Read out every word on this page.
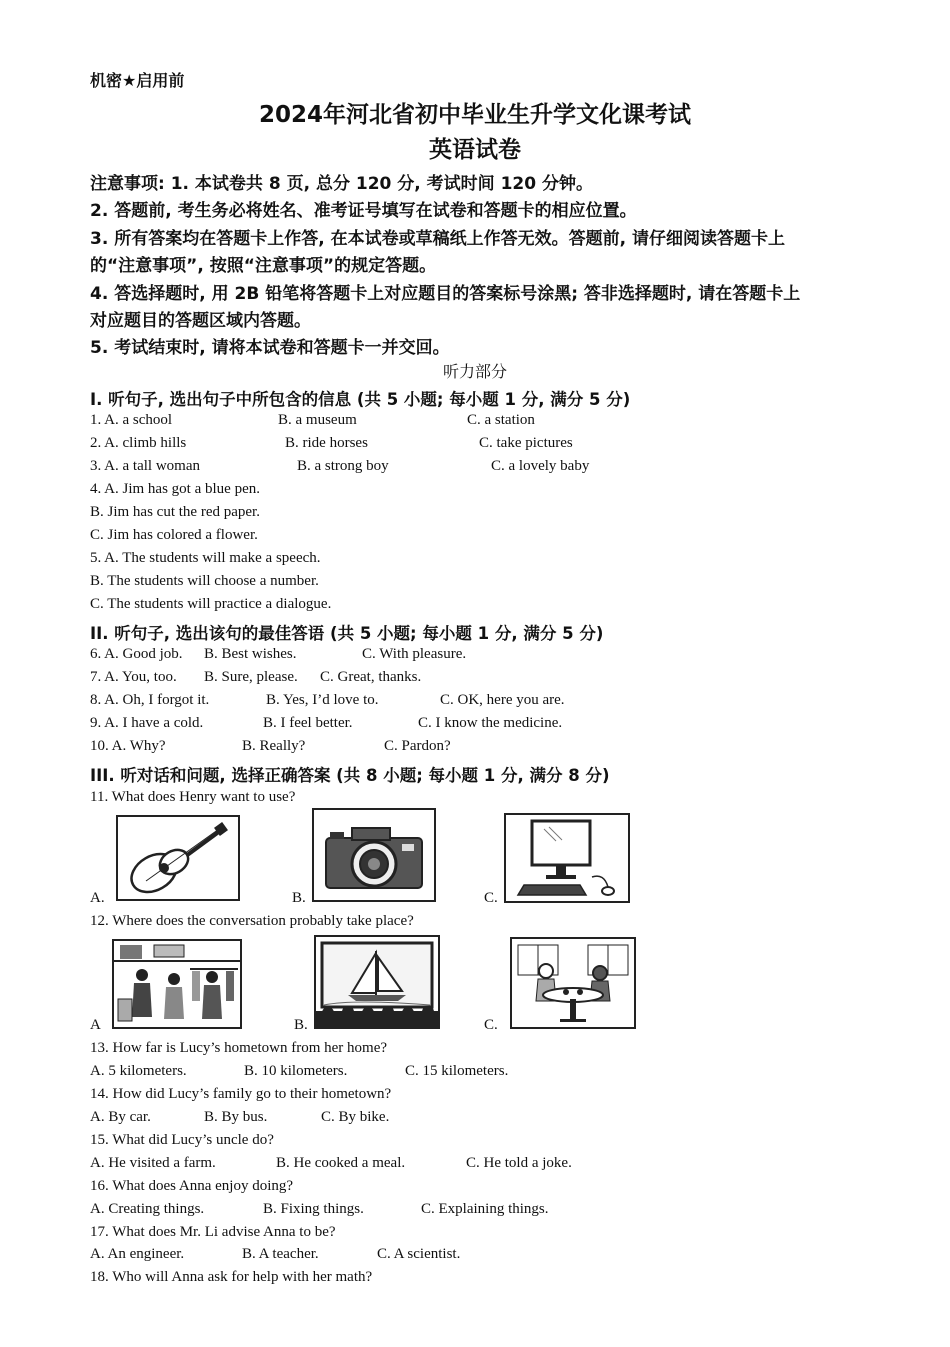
机密★启用前
2024年河北省初中毕业生升学文化课考试
英语试卷
注意事项: 1. 本试卷共 8 页, 总分 120 分, 考试时间 120 分钟。
2. 答题前, 考生务必将姓名、准考证号填写在试卷和答题卡的相应位置。
3. 所有答案均在答题卡上作答, 在本试卷或草稿纸上作答无效。答题前, 请仔细阅读答题卡上
的“注意事项”, 按照“注意事项”的规定答题。
4. 答选择题时, 用 2B 铅笔将答题卡上对应题目的答案标号涂黑; 答非选择题时, 请在答题卡上
对应题目的答题区域内答题。
5. 考试结束时, 请将本试卷和答题卡一并交回。
听力部分
I. 听句子, 选出句子中所包含的信息 (共 5 小题; 每小题 1 分, 满分 5 分)
1. A. a school	B. a museum	C. a station
2. A. climb hills	B. ride horses	C. take pictures
3. A. a tall woman	B. a strong boy	C. a lovely baby
4. A. Jim has got a blue pen.
B. Jim has cut the red paper.
C. Jim has colored a flower.
5. A. The students will make a speech.
B. The students will choose a number.
C. The students will practice a dialogue.
II. 听句子, 选出该句的最佳答语 (共 5 小题; 每小题 1 分, 满分 5 分)
6. A. Good job. B. Best wishes.	C. With pleasure.
7. A. You, too. B. Sure, please. C. Great, thanks.
8. A. Oh, I forgot it.	B. Yes, I’d love to.	C. OK, here you are.
9. A. I have a cold.	B. I feel better.	C. I know the medicine.
10. A. Why?	B. Really?	C. Pardon?
III. 听对话和问题, 选择正确答案 (共 8 小题; 每小题 1 分, 满分 8 分)
11. What does Henry want to use?
A.	B.	C.
12. Where does the conversation probably take place?
A	B.	C.
13. How far is Lucy’s hometown from her home?
A. 5 kilometers.	B. 10 kilometers.	C. 15 kilometers.
14. How did Lucy’s family go to their hometown?
A. By car.	B. By bus.	C. By bike.
15. What did Lucy’s uncle do?
A. He visited a farm.	B. He cooked a meal.	C. He told a joke.
16. What does Anna enjoy doing?
A. Creating things.	B. Fixing things.	C. Explaining things.
17. What does Mr. Li advise Anna to be?
A. An engineer.	B. A teacher.	C. A scientist.
18. Who will Anna ask for help with her math?
